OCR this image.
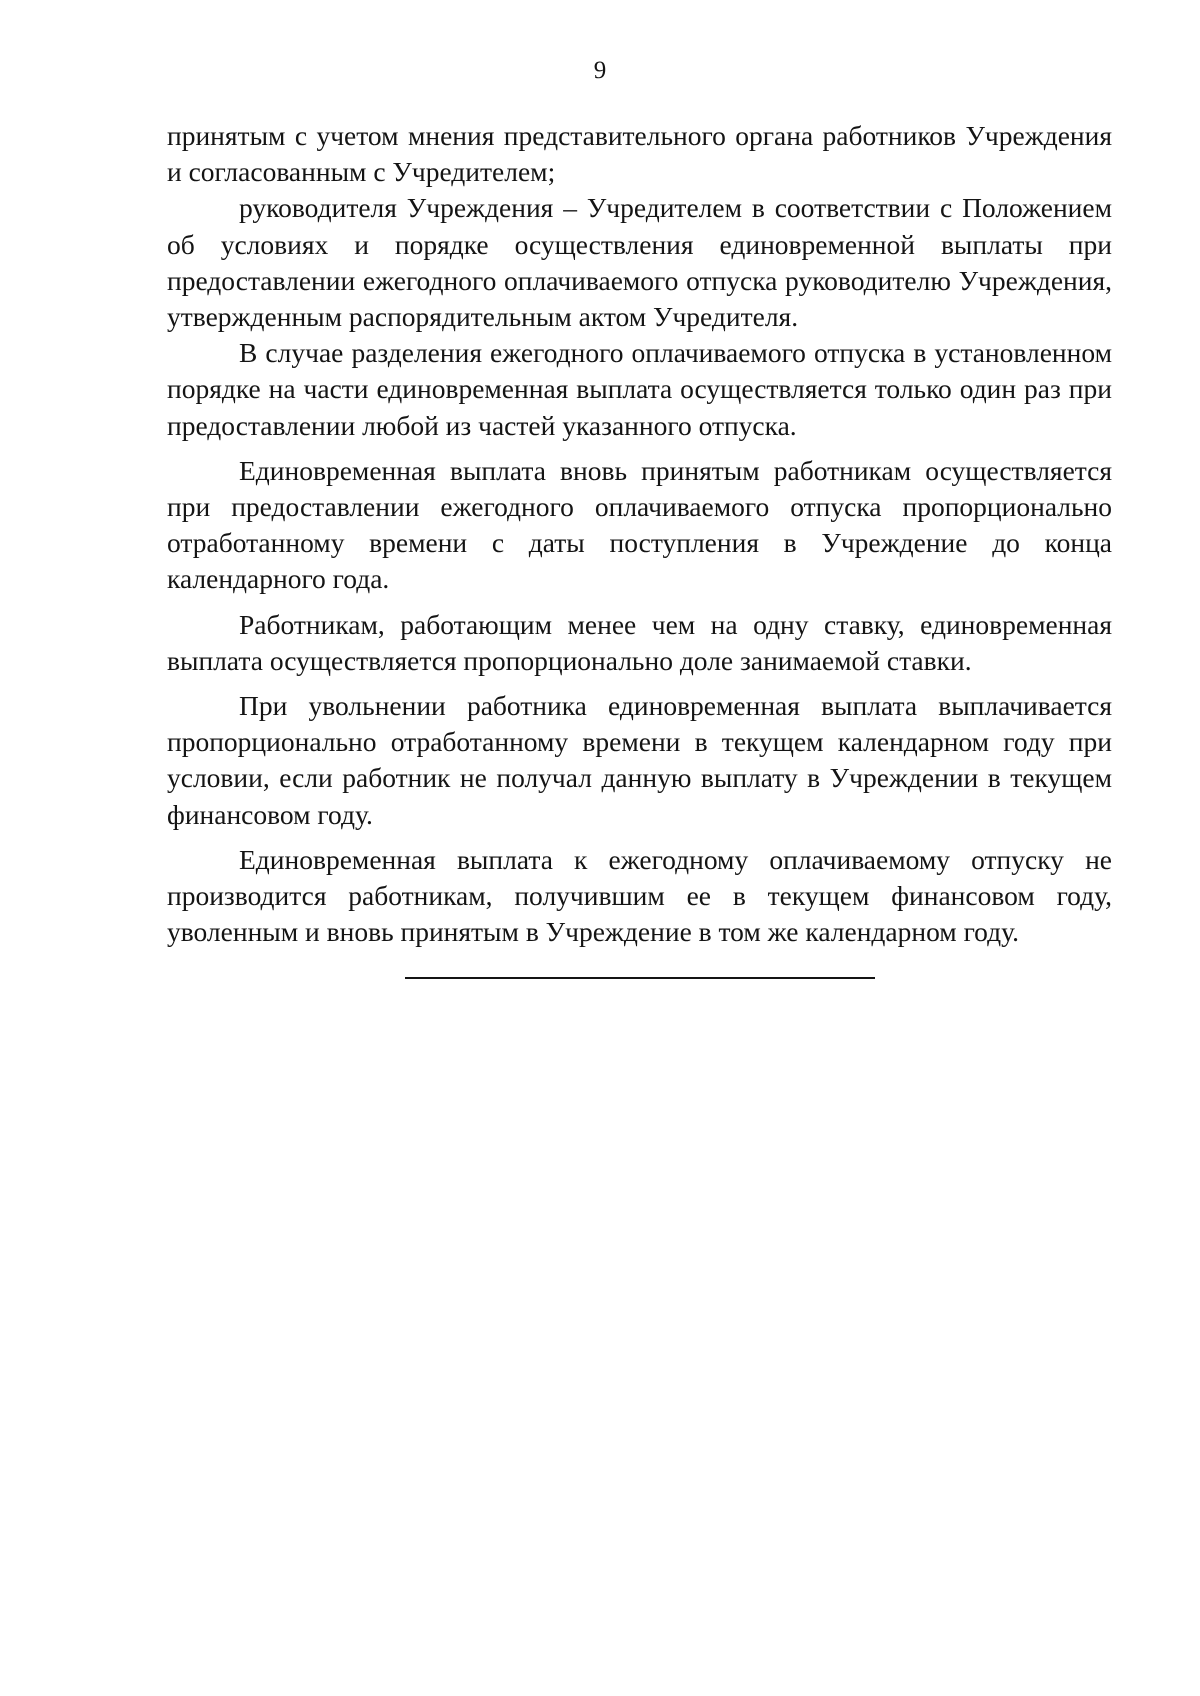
9

принятым с учетом мнения представительного органа работников Учреждения и согласованным с Учредителем;

руководителя Учреждения – Учредителем в соответствии с Положением об условиях и порядке осуществления единовременной выплаты при предоставлении ежегодного оплачиваемого отпуска руководителю Учреждения, утвержденным распорядительным актом Учредителя.

В случае разделения ежегодного оплачиваемого отпуска в установленном порядке на части единовременная выплата осуществляется только один раз при предоставлении любой из частей указанного отпуска.

Единовременная выплата вновь принятым работникам осуществляется при предоставлении ежегодного оплачиваемого отпуска пропорционально отработанному времени с даты поступления в Учреждение до конца календарного года.

Работникам, работающим менее чем на одну ставку, единовременная выплата осуществляется пропорционально доле занимаемой ставки.

При увольнении работника единовременная выплата выплачивается пропорционально отработанному времени в текущем календарном году при условии, если работник не получал данную выплату в Учреждении в текущем финансовом году.

Единовременная выплата к ежегодному оплачиваемому отпуску не производится работникам, получившим ее в текущем финансовом году, уволенным и вновь принятым в Учреждение в том же календарном году.
